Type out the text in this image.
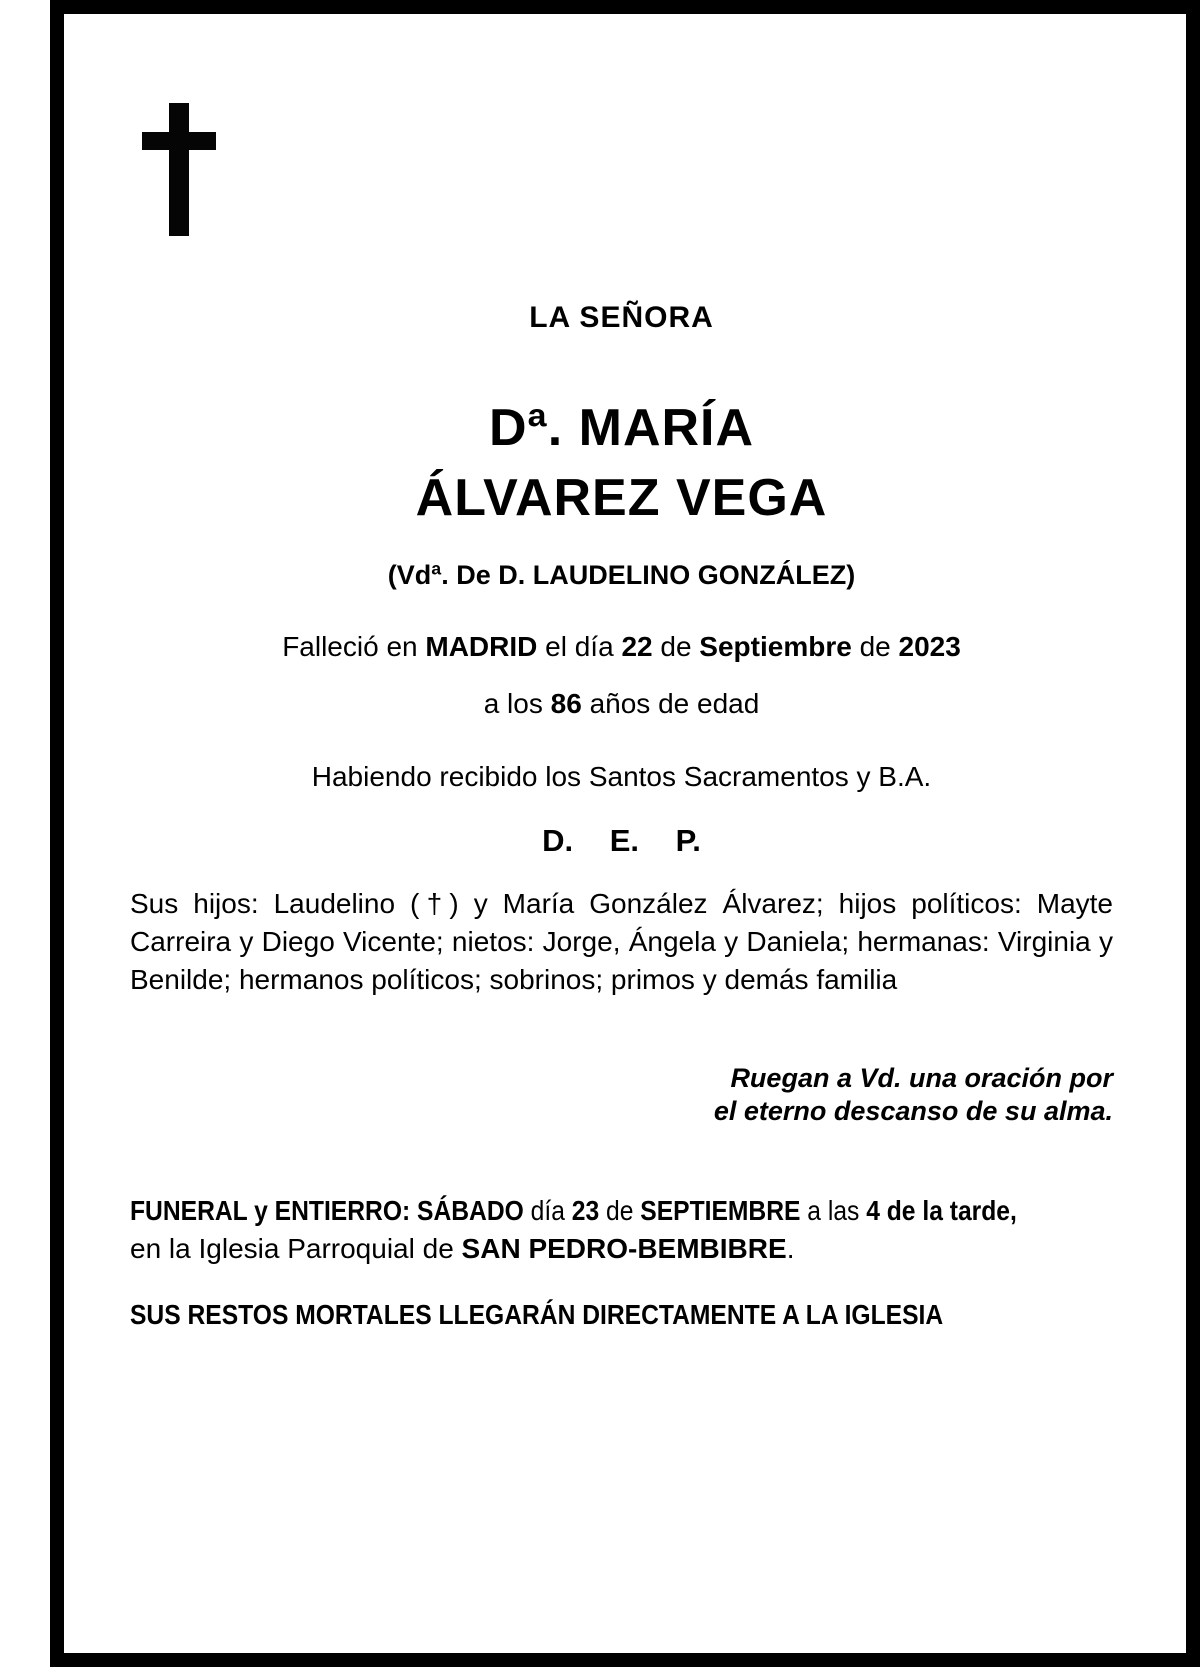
LA SEÑORA
Dª. MARÍA
ÁLVAREZ VEGA
(Vdª. De D. LAUDELINO GONZÁLEZ)
Falleció en MADRID el día 22 de Septiembre de 2023
a los 86 años de edad
Habiendo recibido los Santos Sacramentos y B.A.
D. E. P.
Sus hijos: Laudelino (†) y María González Álvarez; hijos políticos: Mayte Carreira y Diego Vicente; nietos: Jorge, Ángela y Daniela; hermanas: Virginia y Benilde; hermanos políticos; sobrinos; primos y demás familia
Ruegan a Vd. una oración por
el eterno descanso de su alma.
FUNERAL y ENTIERRO: SÁBADO día 23 de SEPTIEMBRE a las 4 de la tarde,
en la Iglesia Parroquial de SAN PEDRO-BEMBIBRE.
SUS RESTOS MORTALES LLEGARÁN DIRECTAMENTE A LA IGLESIA
